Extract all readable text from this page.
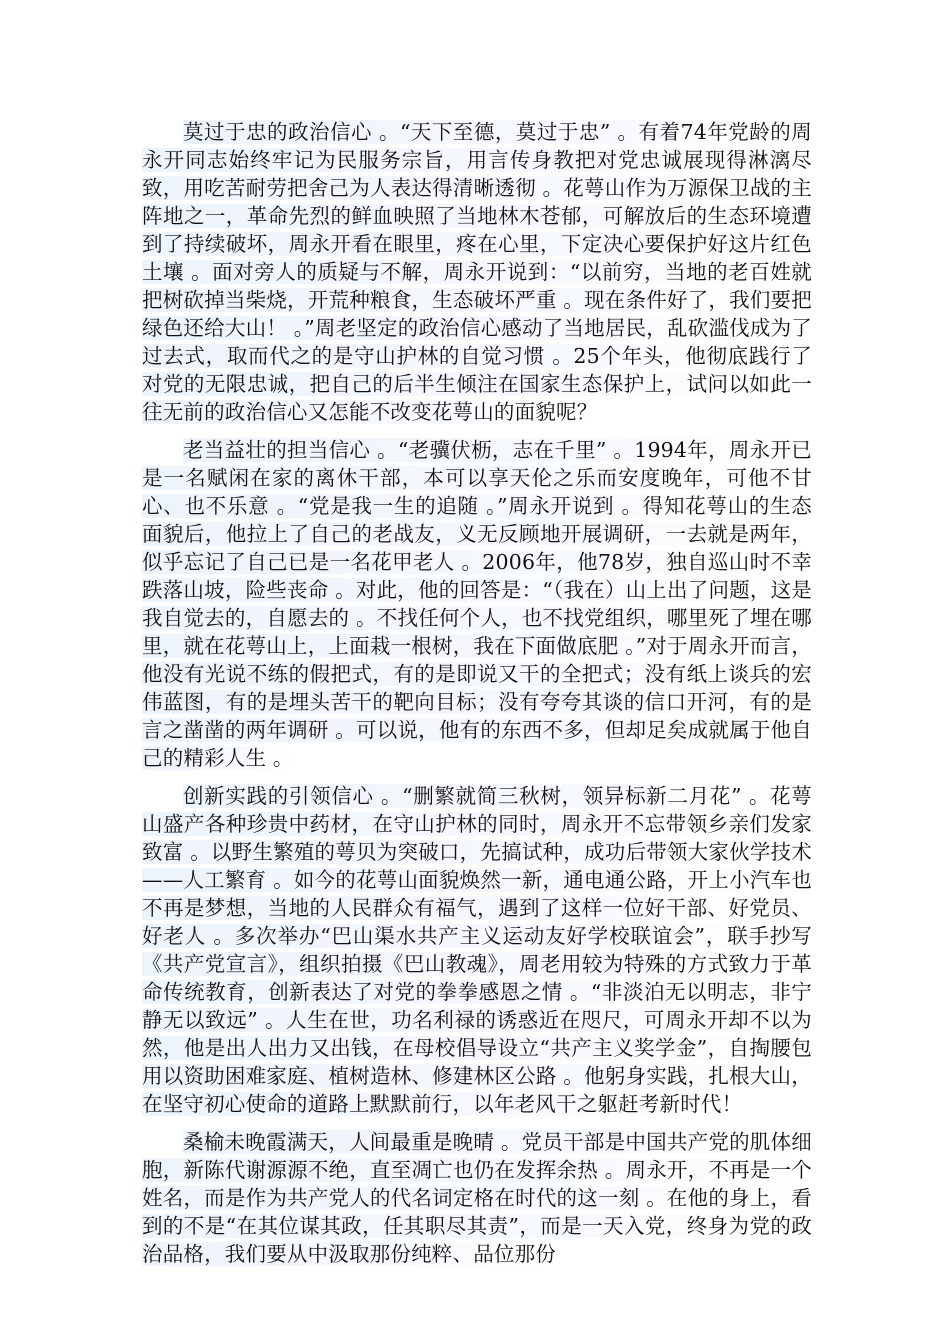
莫过于忠的政治信心 。“天下至德，莫过于忠” 。有着74年党龄的周永开同志始终牢记为民服务宗旨，用言传身教把对党忠诚展现得淋漓尽致，用吃苦耐劳把舍己为人表达得清晰透彻 。花萼山作为万源保卫战的主阵地之一，革命先烈的鲜血映照了当地林木苍郁，可解放后的生态环境遭到了持续破坏，周永开看在眼里，疼在心里，下定决心要保护好这片红色土壤 。面对旁人的质疑与不解，周永开说到：“以前穷，当地的老百姓就把树砍掉当柴烧，开荒种粮食，生态破坏严重 。现在条件好了，我们要把绿色还给大山！ 。”周老坚定的政治信心感动了当地居民，乱砍滥伐成为了过去式，取而代之的是守山护林的自觉习惯 。25个年头，他彻底践行了对党的无限忠诚，把自己的后半生倾注在国家生态保护上，试问以如此一往无前的政治信心又怎能不改变花萼山的面貌呢？

老当益壮的担当信心 。“老骥伏枥，志在千里” 。1994年，周永开已是一名赋闲在家的离休干部，本可以享天伦之乐而安度晚年，可他不甘心、也不乐意 。“党是我一生的追随 。”周永开说到 。得知花萼山的生态面貌后，他拉上了自己的老战友，义无反顾地开展调研，一去就是两年，似乎忘记了自己已是一名花甲老人 。2006年，他78岁，独自巡山时不幸跌落山坡，险些丧命 。对此，他的回答是：“（我在）山上出了问题，这是我自觉去的，自愿去的 。不找任何个人，也不找党组织，哪里死了埋在哪里，就在花萼山上，上面栽一根树，我在下面做底肥 。”对于周永开而言，他没有光说不练的假把式，有的是即说又干的全把式；没有纸上谈兵的宏伟蓝图，有的是埋头苦干的靶向目标；没有夸夸其谈的信口开河，有的是言之凿凿的两年调研 。可以说，他有的东西不多，但却足矣成就属于他自己的精彩人生 。

创新实践的引领信心 。“删繁就简三秋树，领异标新二月花” 。花萼山盛产各种珍贵中药材，在守山护林的同时，周永开不忘带领乡亲们发家致富 。以野生繁殖的萼贝为突破口，先搞试种，成功后带领大家伙学技术——人工繁育 。如今的花萼山面貌焕然一新，通电通公路，开上小汽车也不再是梦想，当地的人民群众有福气，遇到了这样一位好干部、好党员、好老人 。多次举办“巴山渠水共产主义运动友好学校联谊会”，联手抄写《共产党宣言》，组织拍摄《巴山教魂》，周老用较为特殊的方式致力于革命传统教育，创新表达了对党的拳拳感恩之情 。“非淡泊无以明志，非宁静无以致远” 。人生在世，功名利禄的诱惑近在咫尺，可周永开却不以为然，他是出人出力又出钱，在母校倡导设立“共产主义奖学金”，自掏腰包用以资助困难家庭、植树造林、修建林区公路 。他躬身实践，扎根大山，在坚守初心使命的道路上默默前行，以年老风干之躯赶考新时代！

桑榆未晚霞满天，人间最重是晚晴 。党员干部是中国共产党的肌体细胞，新陈代谢源源不绝，直至凋亡也仍在发挥余热 。周永开，不再是一个姓名，而是作为共产党人的代名词定格在时代的这一刻 。在他的身上，看到的不是“在其位谋其政，任其职尽其责”，而是一天入党，终身为党的政治品格，我们要从中汲取那份纯粹、品位那份
